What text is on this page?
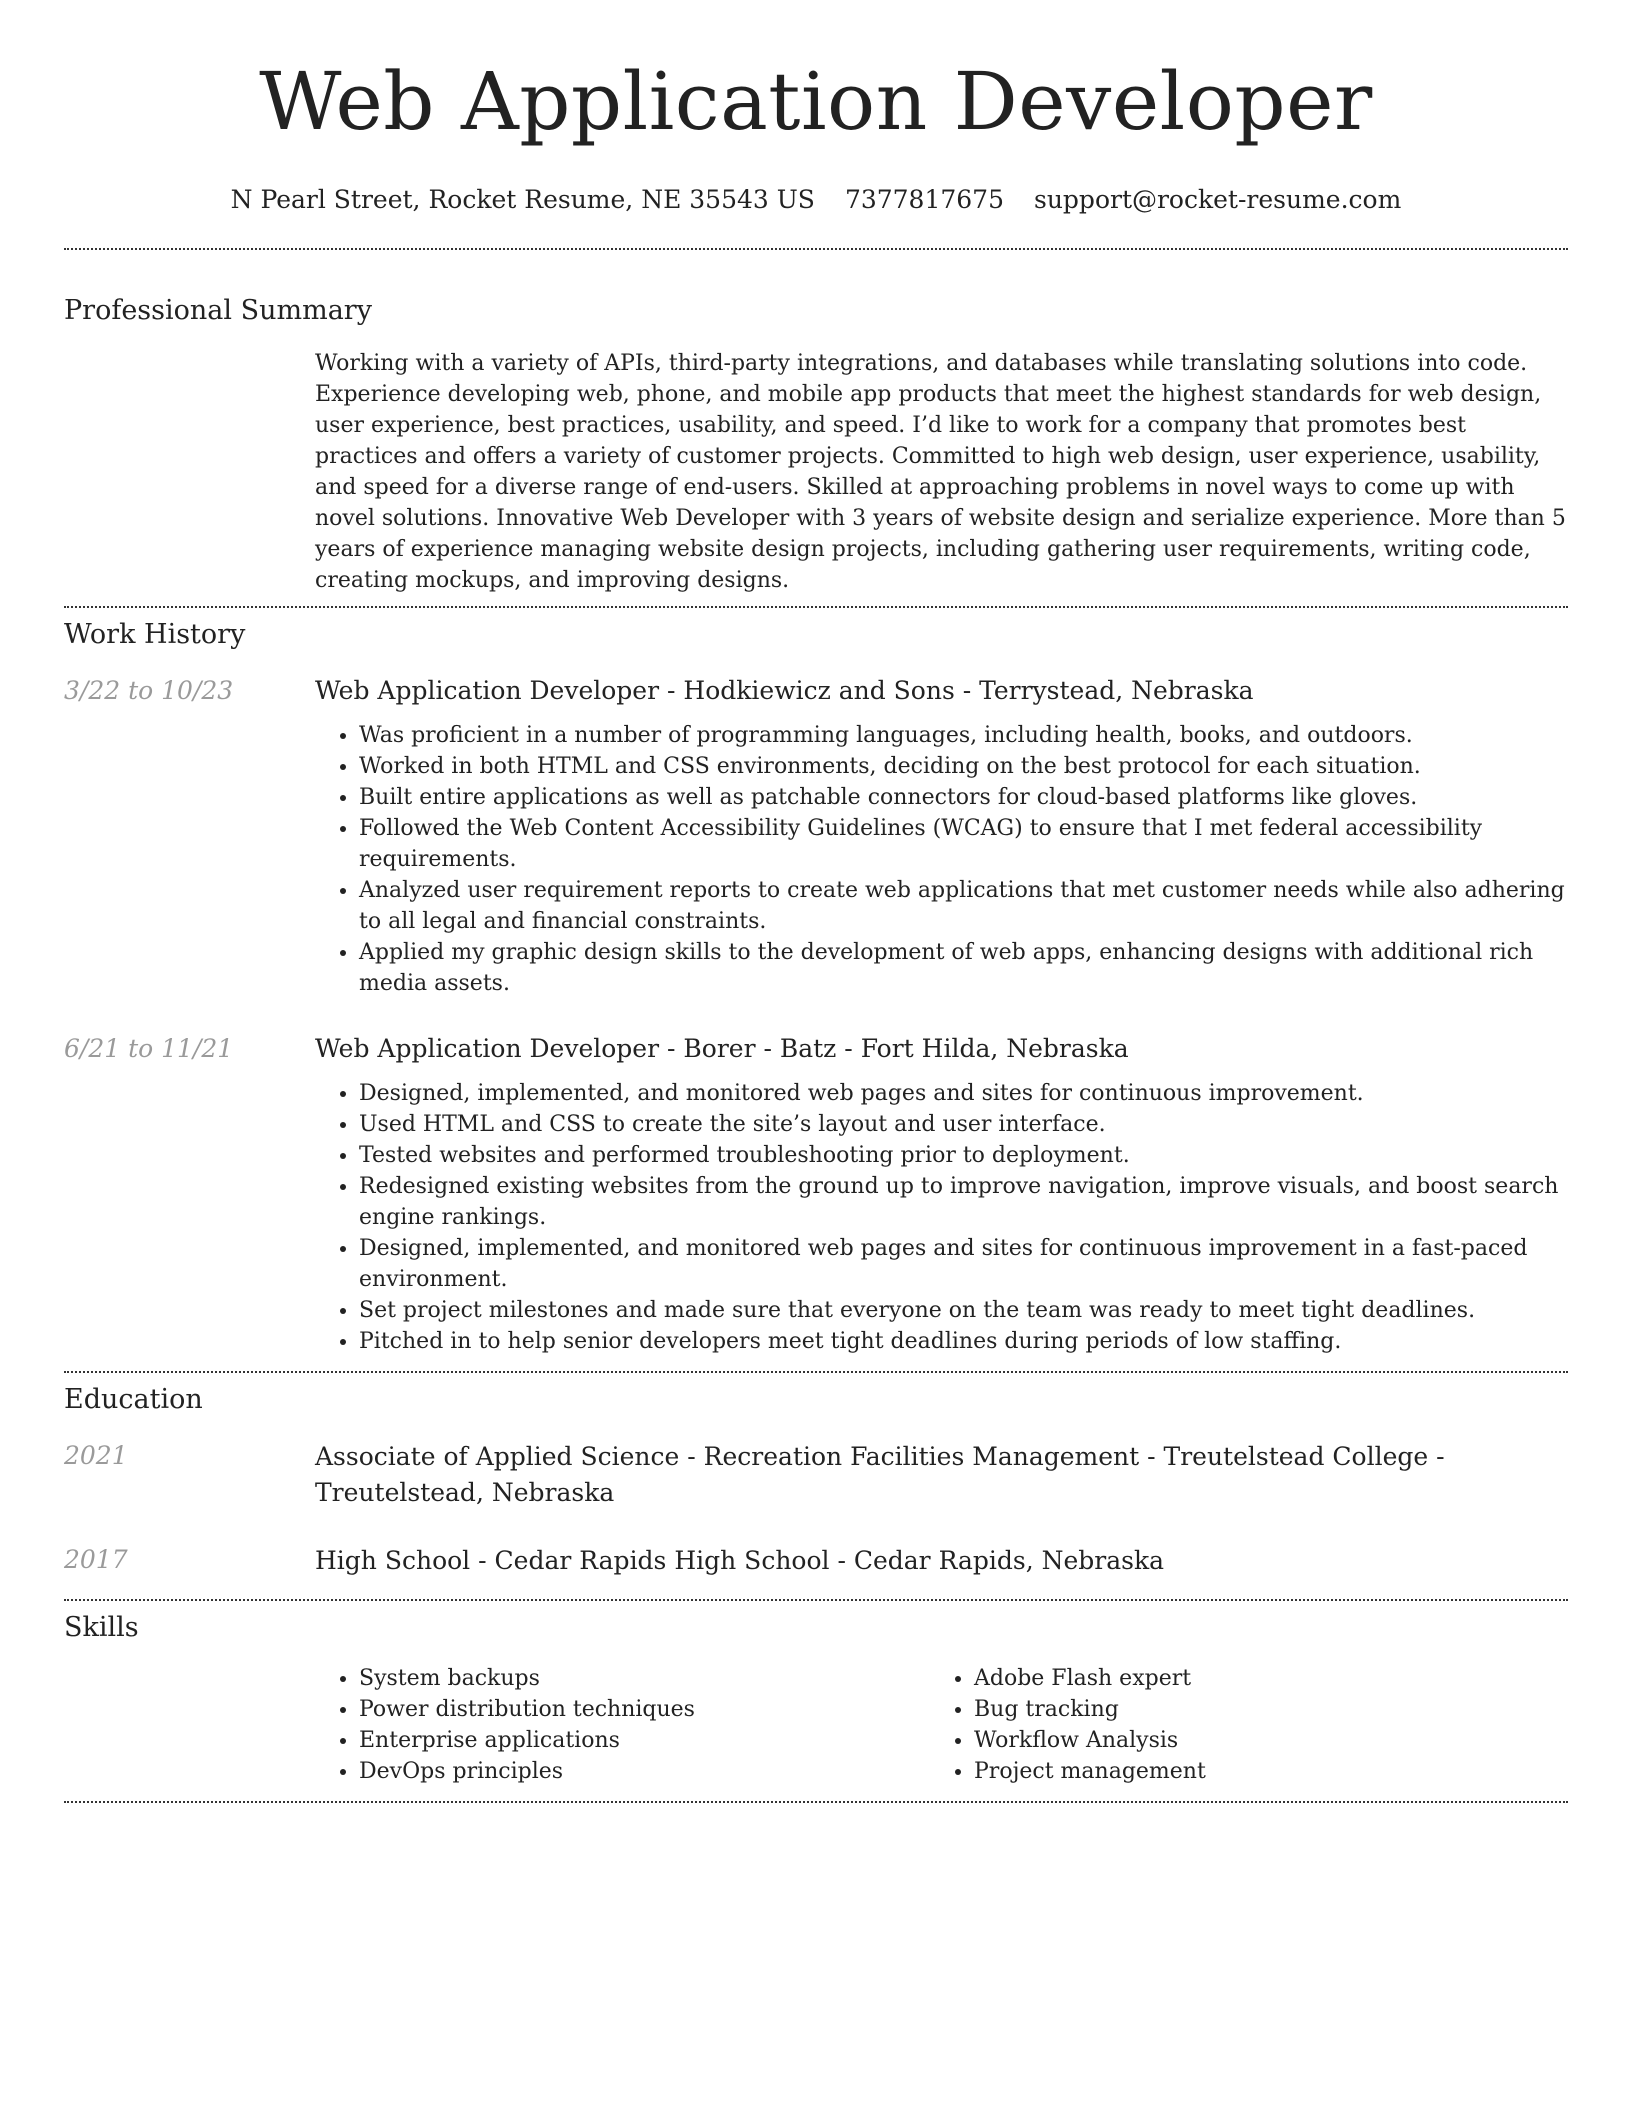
Web Application Developer
N Pearl Street, Rocket Resume, NE 35543 US 7377817675 support@rocket-resume.com
Professional Summary

Working with a variety of APIs, third-party integrations, and databases while translating solutions into code. Experience developing web, phone, and mobile app products that meet the highest standards for web design, user experience, best practices, usability, and speed. I’d like to work for a company that promotes best practices and offers a variety of customer projects. Committed to high web design, user experience, usability, and speed for a diverse range of end-users. Skilled at approaching problems in novel ways to come up with novel solutions. Innovative Web Developer with 3 years of website design and serialize experience. More than 5 years of experience managing website design projects, including gathering user requirements, writing code, creating mockups, and improving designs.

Work History
3/22 to 10/23	Web Application Developer - Hodkiewicz and Sons - Terrystead, Nebraska

• Was proficient in a number of programming languages, including health, books, and outdoors.
• Worked in both HTML and CSS environments, deciding on the best protocol for each situation.
• Built entire applications as well as patchable connectors for cloud-based platforms like gloves.
• Followed the Web Content Accessibility Guidelines (WCAG) to ensure that I met federal accessibility requirements.
• Analyzed user requirement reports to create web applications that met customer needs while also adhering to all legal and financial constraints.
• Applied my graphic design skills to the development of web apps, enhancing designs with additional rich media assets.
6/21 to 11/21	Web Application Developer - Borer - Batz - Fort Hilda, Nebraska

• Designed, implemented, and monitored web pages and sites for continuous improvement.
• Used HTML and CSS to create the site’s layout and user interface.
• Tested websites and performed troubleshooting prior to deployment.
• Redesigned existing websites from the ground up to improve navigation, improve visuals, and boost search engine rankings.
• Designed, implemented, and monitored web pages and sites for continuous improvement in a fast-paced environment.
• Set project milestones and made sure that everyone on the team was ready to meet tight deadlines.
• Pitched in to help senior developers meet tight deadlines during periods of low staffing.
Education
2021	Associate of Applied Science - Recreation Facilities Management - Treutelstead College - Treutelstead, Nebraska

2017	High School - Cedar Rapids High School - Cedar Rapids, Nebraska

Skills
• System backups
• Power distribution techniques
• Enterprise applications
• DevOps principles
• Adobe Flash expert
• Bug tracking
• Workflow Analysis
• Project management
